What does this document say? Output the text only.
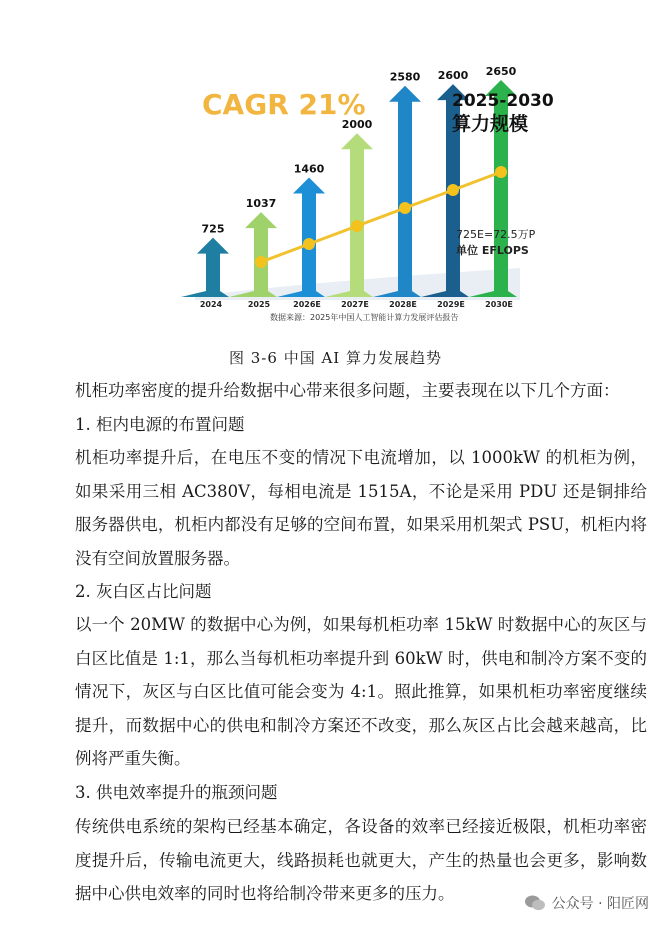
725
2024
1037
2025
1460
2026E
2000
2027E
2580
2028E
2600
2029E
2650
2030E
CAGR 21%	2025-2030
算力规模
725E=72.5万P
单位 EFLOPS
数据来源：2025年中国人工智能计算力发展评估报告
图 3-6 中国 AI 算力发展趋势

机柜功率密度的提升给数据中心带来很多问题，主要表现在以下几个方面：

1. 柜内电源的布置问题

机柜功率提升后，在电压不变的情况下电流增加，以 1000kW 的机柜为例，如果采用三相 AC380V，每相电流是 1515A，不论是采用 PDU 还是铜排给服务器供电，机柜内都没有足够的空间布置，如果采用机架式 PSU，机柜内将没有空间放置服务器。

2. 灰白区占比问题

以一个 20MW 的数据中心为例，如果每机柜功率 15kW 时数据中心的灰区与白区比值是 1:1，那么当每机柜功率提升到 60kW 时，供电和制冷方案不变的情况下，灰区与白区比值可能会变为 4:1。照此推算，如果机柜功率密度继续提升，而数据中心的供电和制冷方案还不改变，那么灰区占比会越来越高，比例将严重失衡。

3. 供电效率提升的瓶颈问题

传统供电系统的架构已经基本确定，各设备的效率已经接近极限，机柜功率密度提升后，传输电流更大，线路损耗也就更大，产生的热量也会更多，影响数据中心供电效率的同时也将给制冷带来更多的压力。

公众号 · 阳匠网
